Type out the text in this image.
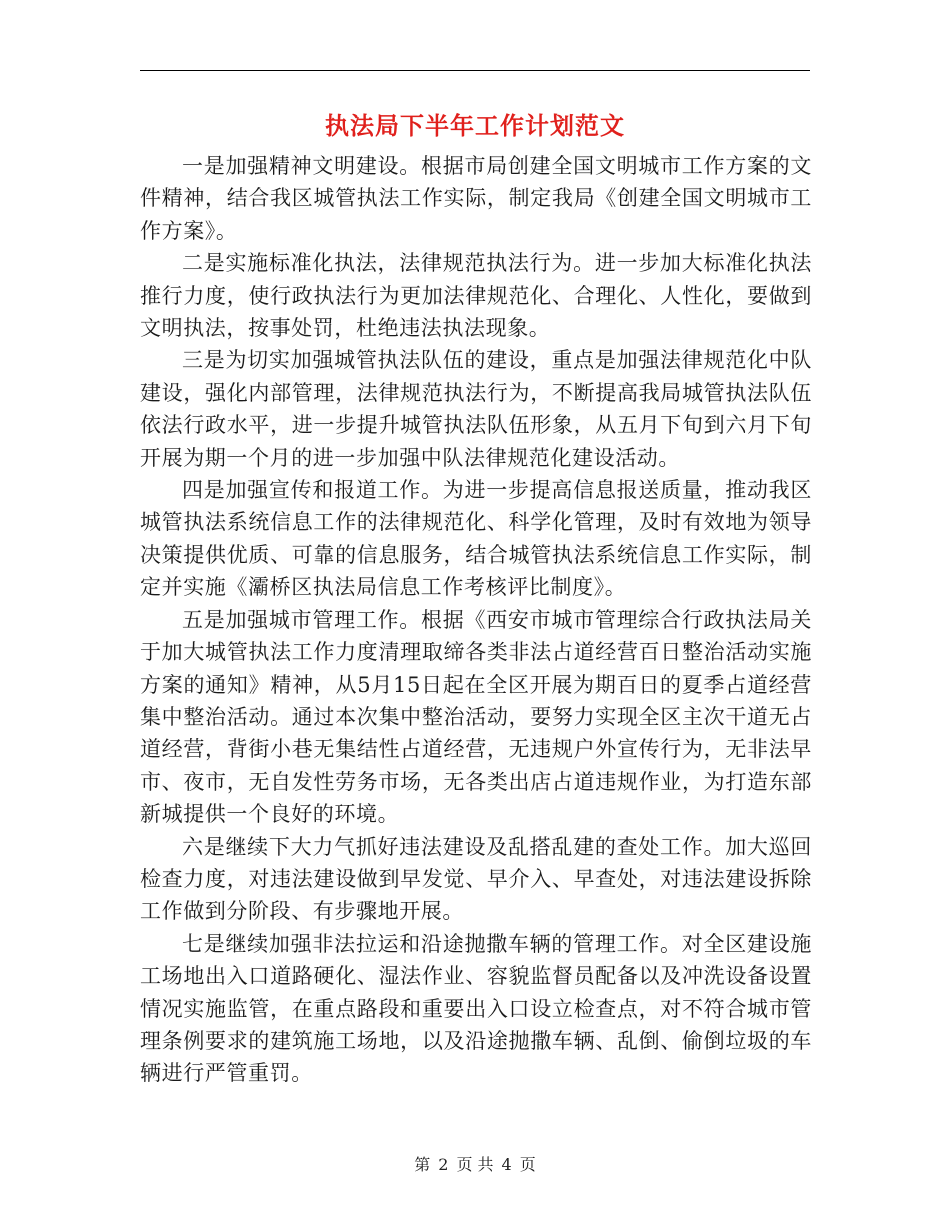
执法局下半年工作计划范文

一是加强精神文明建设。根据市局创建全国文明城市工作方案的文件精神，结合我区城管执法工作实际，制定我局《创建全国文明城市工作方案》。

二是实施标准化执法，法律规范执法行为。进一步加大标准化执法推行力度，使行政执法行为更加法律规范化、合理化、人性化，要做到文明执法，按事处罚，杜绝违法执法现象。

三是为切实加强城管执法队伍的建设，重点是加强法律规范化中队建设，强化内部管理，法律规范执法行为，不断提高我局城管执法队伍依法行政水平，进一步提升城管执法队伍形象，从五月下旬到六月下旬开展为期一个月的进一步加强中队法律规范化建设活动。

四是加强宣传和报道工作。为进一步提高信息报送质量，推动我区城管执法系统信息工作的法律规范化、科学化管理，及时有效地为领导决策提供优质、可靠的信息服务，结合城管执法系统信息工作实际，制定并实施《灞桥区执法局信息工作考核评比制度》。

五是加强城市管理工作。根据《西安市城市管理综合行政执法局关于加大城管执法工作力度清理取缔各类非法占道经营百日整治活动实施方案的通知》精神，从5月15日起在全区开展为期百日的夏季占道经营集中整治活动。通过本次集中整治活动，要努力实现全区主次干道无占道经营，背街小巷无集结性占道经营，无违规户外宣传行为，无非法早市、夜市，无自发性劳务市场，无各类出店占道违规作业，为打造东部新城提供一个良好的环境。

六是继续下大力气抓好违法建设及乱搭乱建的查处工作。加大巡回检查力度，对违法建设做到早发觉、早介入、早查处，对违法建设拆除工作做到分阶段、有步骤地开展。

七是继续加强非法拉运和沿途抛撒车辆的管理工作。对全区建设施工场地出入口道路硬化、湿法作业、容貌监督员配备以及冲洗设备设置情况实施监管，在重点路段和重要出入口设立检查点，对不符合城市管理条例要求的建筑施工场地，以及沿途抛撒车辆、乱倒、偷倒垃圾的车辆进行严管重罚。

第 2 页 共 4 页
